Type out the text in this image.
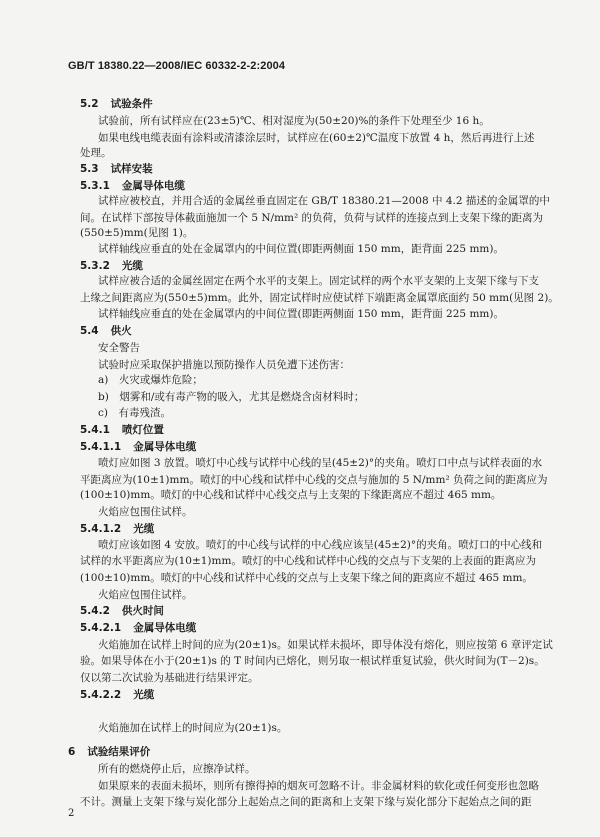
GB/T 18380.22—2008/IEC 60332-2-2:2004
5.2 试验条件
试验前，所有试样应在(23±5)℃、相对湿度为(50±20)%的条件下处理至少 16 h。
如果电线电缆表面有涂料或清漆涂层时，试样应在(60±2)℃温度下放置 4 h，然后再进行上述
处理。
5.3 试样安装
5.3.1 金属导体电缆
试样应被校直，并用合适的金属丝垂直固定在 GB/T 18380.21—2008 中 4.2 描述的金属罩的中
间。在试样下部按导体截面施加一个 5 N/mm² 的负荷，负荷与试样的连接点到上支架下缘的距离为
(550±5)mm(见图 1)。
试样轴线应垂直的处在金属罩内的中间位置(即距两侧面 150 mm，距背面 225 mm)。
5.3.2 光缆
试样应被合适的金属丝固定在两个水平的支架上。固定试样的两个水平支架的上支架下缘与下支
上缘之间距离应为(550±5)mm。此外，固定试样时应使试样下端距离金属罩底面约 50 mm(见图 2)。
试样轴线应垂直的处在金属罩内的中间位置(即距两侧面 150 mm，距背面 225 mm)。
5.4 供火
安全警告
试验时应采取保护措施以预防操作人员免遭下述伤害：
a)　火灾或爆炸危险；
b)　烟雾和/或有毒产物的吸入，尤其是燃烧含卤材料时；
c)　有毒残渣。
5.4.1 喷灯位置
5.4.1.1 金属导体电缆
喷灯应如图 3 放置。喷灯中心线与试样中心线的呈(45±2)°的夹角。喷灯口中点与试样表面的水
平距离应为(10±1)mm。喷灯的中心线和试样中心线的交点与施加的 5 N/mm² 负荷之间的距离应为
(100±10)mm。喷灯的中心线和试样中心线交点与上支架的下缘距离应不超过 465 mm。
火焰应包围住试样。
5.4.1.2 光缆
喷灯应该如图 4 安放。喷灯的中心线与试样的中心线应该呈(45±2)°的夹角。喷灯口的中心线和
试样的水平距离应为(10±1)mm。喷灯的中心线和试样中心线的交点与下支架的上表面的距离应为
(100±10)mm。喷灯的中心线和试样中心线的交点与上支架下缘之间的距离应不超过 465 mm。
火焰应包围住试样。
5.4.2 供火时间
5.4.2.1 金属导体电缆
火焰施加在试样上时间的应为(20±1)s。如果试样未损坏，即导体没有熔化，则应按第 6 章评定试
验。如果导体在小于(20±1)s 的 T 时间内已熔化，则另取一根试样重复试验，供火时间为(T－2)s。
仅以第二次试验为基础进行结果评定。
5.4.2.2 光缆
火焰施加在试样上的时间应为(20±1)s。
6 试验结果评价
所有的燃烧停止后，应擦净试样。
如果原来的表面未损坏，则所有擦得掉的烟灰可忽略不计。非金属材料的软化或任何变形也忽略
不计。测量上支架下缘与炭化部分上起始点之间的距离和上支架下缘与炭化部分下起始点之间的距
2
